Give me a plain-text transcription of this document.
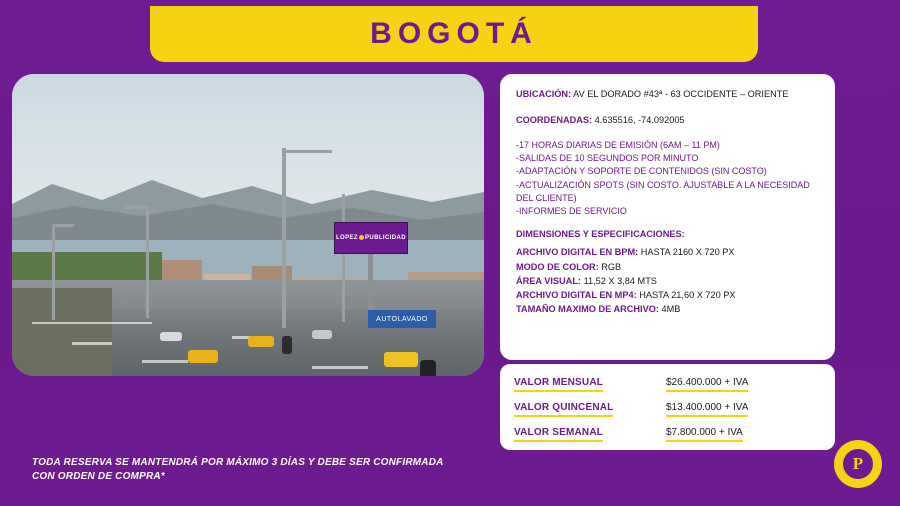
BOGOTÁ
LOPEZ PUBLICIDAD
AUTOLAVADO
UBICACIÓN: AV EL DORADO #43ª - 63 OCCIDENTE – ORIENTE
COORDENADAS: 4.635516, -74.092005
-17 HORAS DIARIAS DE EMISIÓN (6AM – 11 PM)
-SALIDAS DE 10 SEGUNDOS POR MINUTO
-ADAPTACIÓN Y SOPORTE DE CONTENIDOS (SIN COSTO)
-ACTUALIZACIÓN SPOTS (SIN COSTO. AJUSTABLE A LA NECESIDAD DEL CLIENTE)
-INFORMES DE SERVICIO
DIMENSIONES Y ESPECIFICACIONES:
ARCHIVO DIGITAL EN BPM: HASTA 2160 X 720 PX
MODO DE COLOR: RGB
ÁREA VISUAL: 11,52 X 3,84 MTS
ARCHIVO DIGITAL EN MP4: HASTA 21,60 X 720 PX
TAMAÑO MAXIMO DE ARCHIVO: 4MB
VALOR MENSUAL	$26.400.000 + IVA
VALOR QUINCENAL	$13.400.000 + IVA
VALOR SEMANAL	$7.800.000 + IVA
TODA RESERVA SE MANTENDRÁ POR MÁXIMO 3 DÍAS Y DEBE SER CONFIRMADA CON ORDEN DE COMPRA*
P
